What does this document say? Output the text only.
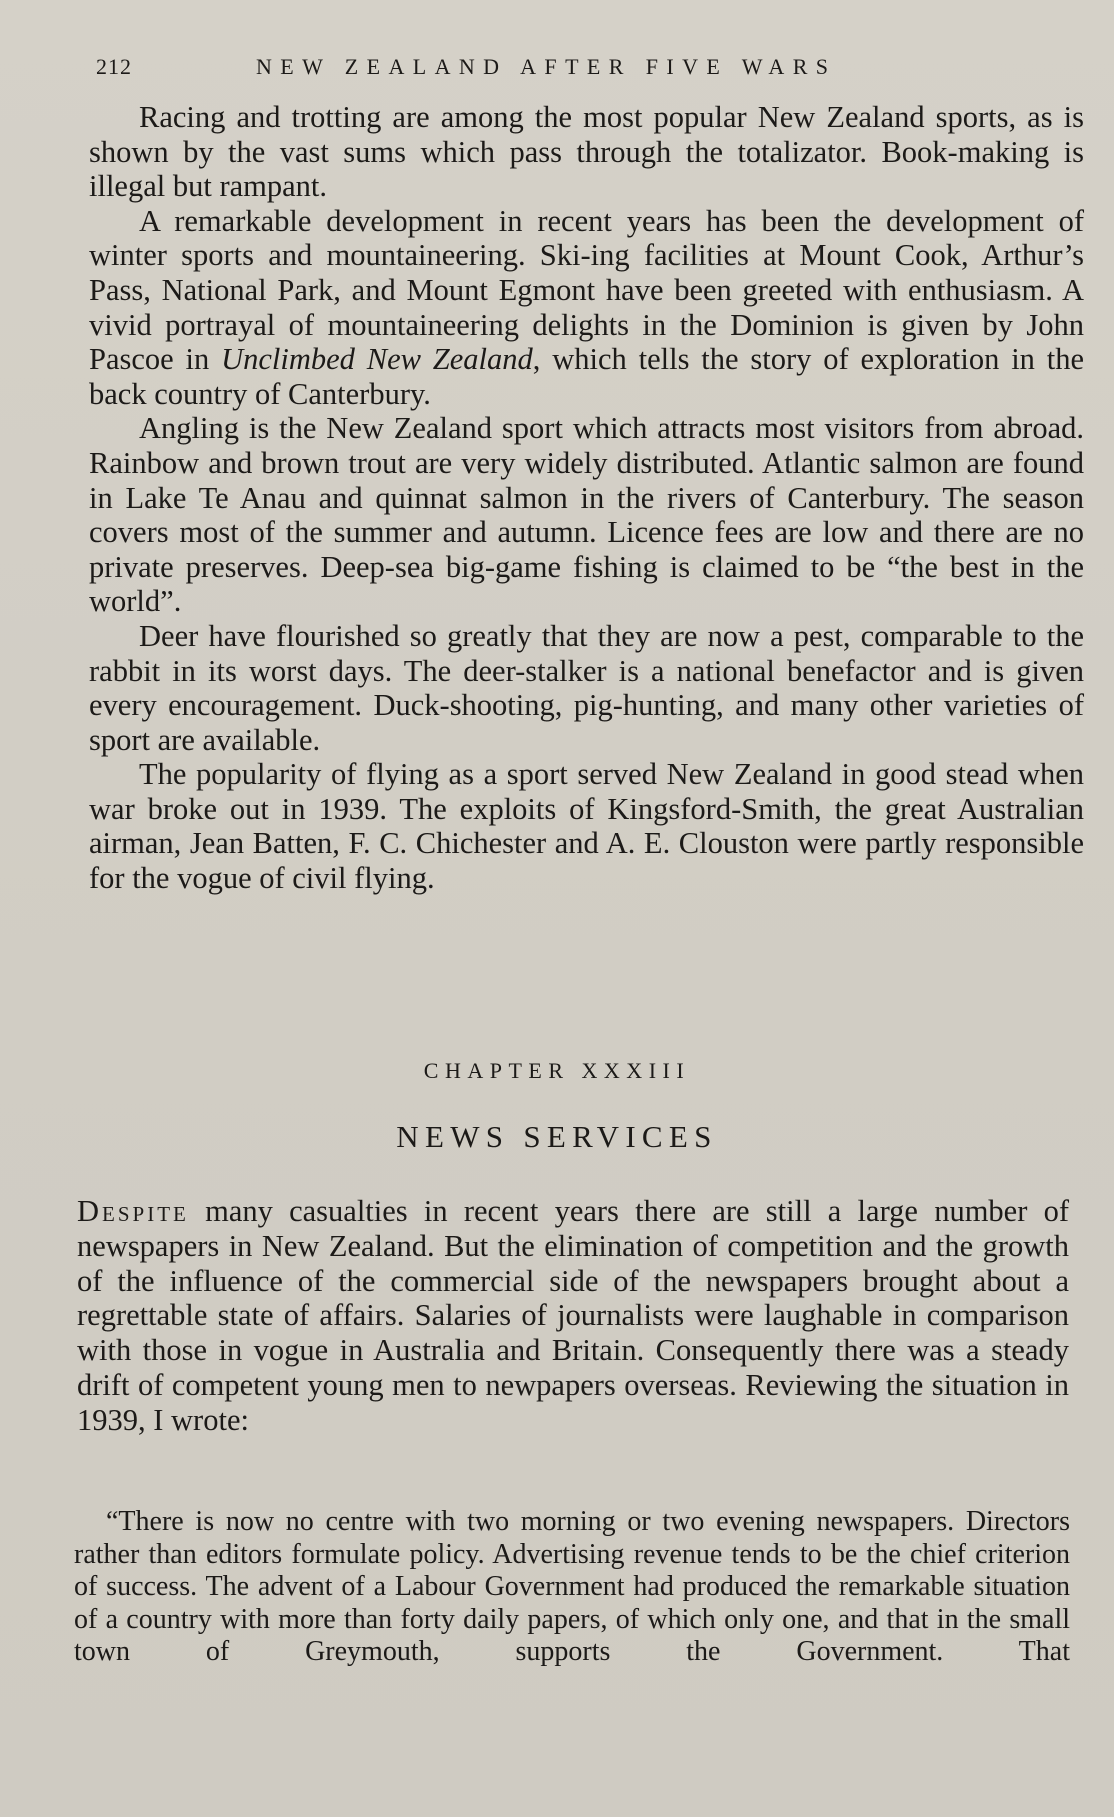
212	NEW ZEALAND AFTER FIVE WARS

Racing and trotting are among the most popular New Zealand sports, as is shown by the vast sums which pass through the totalizator. Book-making is illegal but rampant.

A remarkable development in recent years has been the development of winter sports and mountaineering. Ski-ing facilities at Mount Cook, Arthur’s Pass, National Park, and Mount Egmont have been greeted with enthusiasm. A vivid portrayal of mountaineering delights in the Dominion is given by John Pascoe in Unclimbed New Zealand, which tells the story of exploration in the back country of Canterbury.

Angling is the New Zealand sport which attracts most visitors from abroad. Rainbow and brown trout are very widely distributed. Atlantic salmon are found in Lake Te Anau and quinnat salmon in the rivers of Canterbury. The season covers most of the summer and autumn. Licence fees are low and there are no private preserves. Deep-sea big-game fishing is claimed to be “the best in the world”.

Deer have flourished so greatly that they are now a pest, comparable to the rabbit in its worst days. The deer-stalker is a national benefactor and is given every encouragement. Duck-shooting, pig-hunting, and many other varieties of sport are available.

The popularity of flying as a sport served New Zealand in good stead when war broke out in 1939. The exploits of Kingsford-Smith, the great Australian airman, Jean Batten, F. C. Chichester and A. E. Clouston were partly responsible for the vogue of civil flying.

CHAPTER XXXIII
NEWS SERVICES

Despite many casualties in recent years there are still a large number of newspapers in New Zealand. But the elimination of competition and the growth of the influence of the commercial side of the newspapers brought about a regrettable state of affairs. Salaries of journalists were laughable in comparison with those in vogue in Australia and Britain. Consequently there was a steady drift of competent young men to newpapers overseas. Reviewing the situation in 1939, I wrote:

“There is now no centre with two morning or two evening newspapers. Directors rather than editors formulate policy. Advertising revenue tends to be the chief criterion of success. The advent of a Labour Government had produced the remarkable situation of a country with more than forty daily papers, of which only one, and that in the small town of Greymouth, supports the Government. That
